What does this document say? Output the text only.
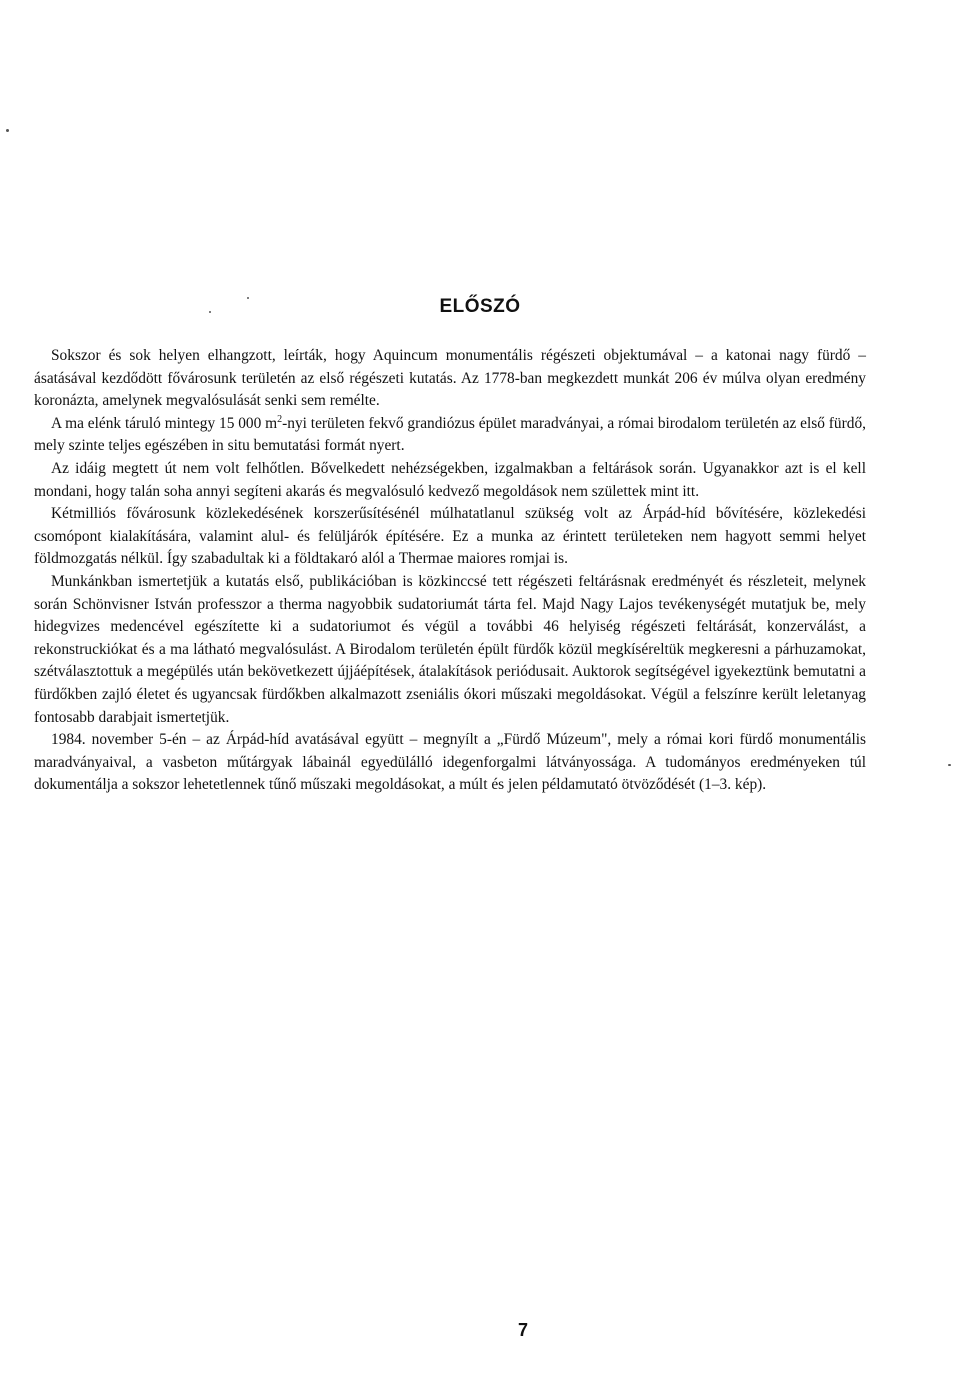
ELŐSZÓ

Sokszor és sok helyen elhangzott, leírták, hogy Aquincum monumentális régészeti objektumával – a katonai nagy fürdő – ásatásával kezdődött fővárosunk területén az első régészeti kutatás. Az 1778-ban megkezdett munkát 206 év múlva olyan eredmény koronázta, amelynek megvalósulását senki sem remélte.

A ma elénk táruló mintegy 15 000 $m^2$-nyi területen fekvő grandiózus épület maradványai, a római birodalom területén az első fürdő, mely szinte teljes egészében in situ bemutatási formát nyert.

Az idáig megtett út nem volt felhőtlen. Bővelkedett nehézségekben, izgalmakban a feltárások során. Ugyanakkor azt is el kell mondani, hogy talán soha annyi segíteni akarás és megvalósuló kedvező megoldások nem születtek mint itt.

Kétmilliós fővárosunk közlekedésének korszerűsítésénél múlhatatlanul szükség volt az Árpád-híd bővítésére, közlekedési csomópont kialakítására, valamint alul- és felüljárók építésére. Ez a munka az érintett területeken nem hagyott semmi helyet földmozgatás nélkül. Így szabadultak ki a földtakaró alól a Thermae maiores romjai is.

Munkánkban ismertetjük a kutatás első, publikációban is közkinccsé tett régészeti feltárásnak eredményét és részleteit, melynek során Schönvisner István professzor a therma nagyobbik sudatoriumát tárta fel. Majd Nagy Lajos tevékenységét mutatjuk be, mely hidegvizes medencével egészítette ki a sudatoriumot és végül a további 46 helyiség régészeti feltárását, konzerválást, a rekonstruckiókat és a ma látható megvalósulást. A Birodalom területén épült fürdők közül megkíséreltük megkeresni a párhuzamokat, szétválasztottuk a megépülés után bekövetkezett újjáépítések, átalakítások periódusait. Auktorok segítségével igyekeztünk bemutatni a fürdőkben zajló életet és ugyancsak fürdőkben alkalmazott zseniális ókori műszaki megoldásokat. Végül a felszínre került leletanyag fontosabb darabjait ismertetjük.

1984. november 5-én – az Árpád-híd avatásával együtt – megnyílt a „Fürdő Múzeum", mely a római kori fürdő monumentális maradványaival, a vasbeton műtárgyak lábainál egyedülálló idegenforgalmi látványossága. A tudományos eredményeken túl dokumentálja a sokszor lehetetlennek tűnő műszaki megoldásokat, a múlt és jelen példamutató ötvöződését (1–3. kép).

7
